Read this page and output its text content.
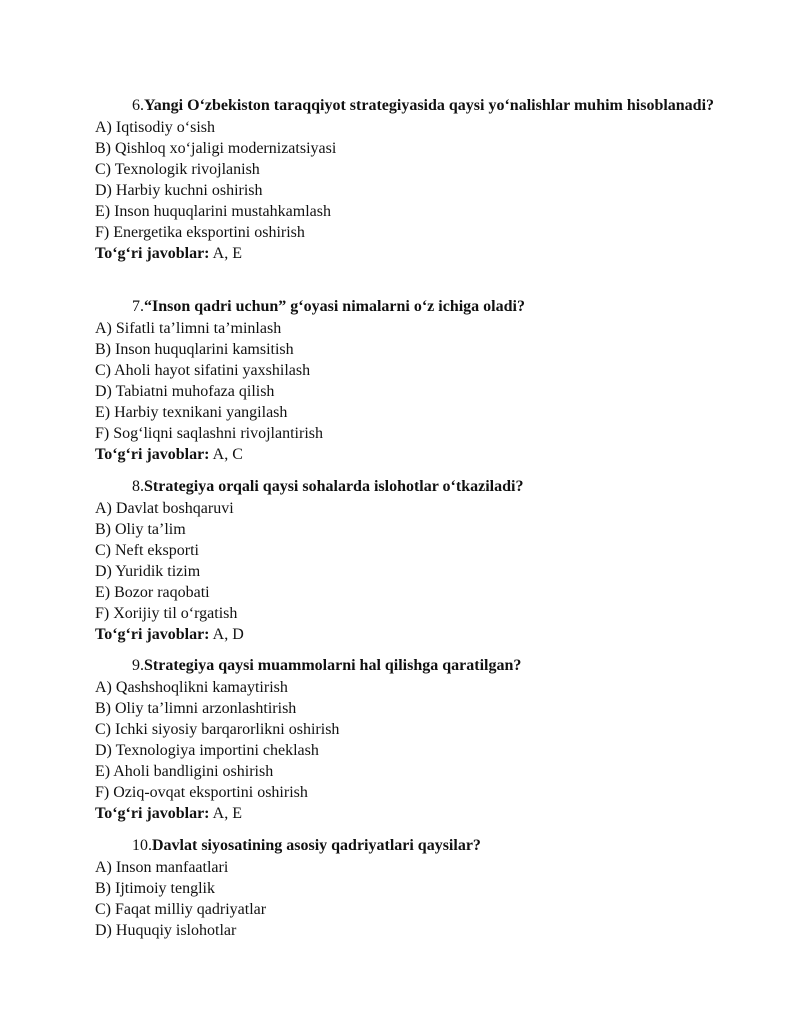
6.Yangi O‘zbekiston taraqqiyot strategiyasida qaysi yo‘nalishlar muhim hisoblanadi?

A) Iqtisodiy o‘sish
B) Qishloq xo‘jaligi modernizatsiyasi
C) Texnologik rivojlanish
D) Harbiy kuchni oshirish
E) Inson huquqlarini mustahkamlash
F) Energetika eksportini oshirish

To‘g‘ri javoblar: A, E

7.“Inson qadri uchun” g‘oyasi nimalarni o‘z ichiga oladi?

A) Sifatli ta’limni ta’minlash
B) Inson huquqlarini kamsitish
C) Aholi hayot sifatini yaxshilash
D) Tabiatni muhofaza qilish
E) Harbiy texnikani yangilash
F) Sog‘liqni saqlashni rivojlantirish

To‘g‘ri javoblar: A, C

8.Strategiya orqali qaysi sohalarda islohotlar o‘tkaziladi?

A) Davlat boshqaruvi
B) Oliy ta’lim
C) Neft eksporti
D) Yuridik tizim
E) Bozor raqobati
F) Xorijiy til o‘rgatish

To‘g‘ri javoblar: A, D

9.Strategiya qaysi muammolarni hal qilishga qaratilgan?

A) Qashshoqlikni kamaytirish
B) Oliy ta’limni arzonlashtirish
C) Ichki siyosiy barqarorlikni oshirish
D) Texnologiya importini cheklash
E) Aholi bandligini oshirish
F) Oziq-ovqat eksportini oshirish

To‘g‘ri javoblar: A, E

10.Davlat siyosatining asosiy qadriyatlari qaysilar?

A) Inson manfaatlari
B) Ijtimoiy tenglik
C) Faqat milliy qadriyatlar
D) Huquqiy islohotlar
